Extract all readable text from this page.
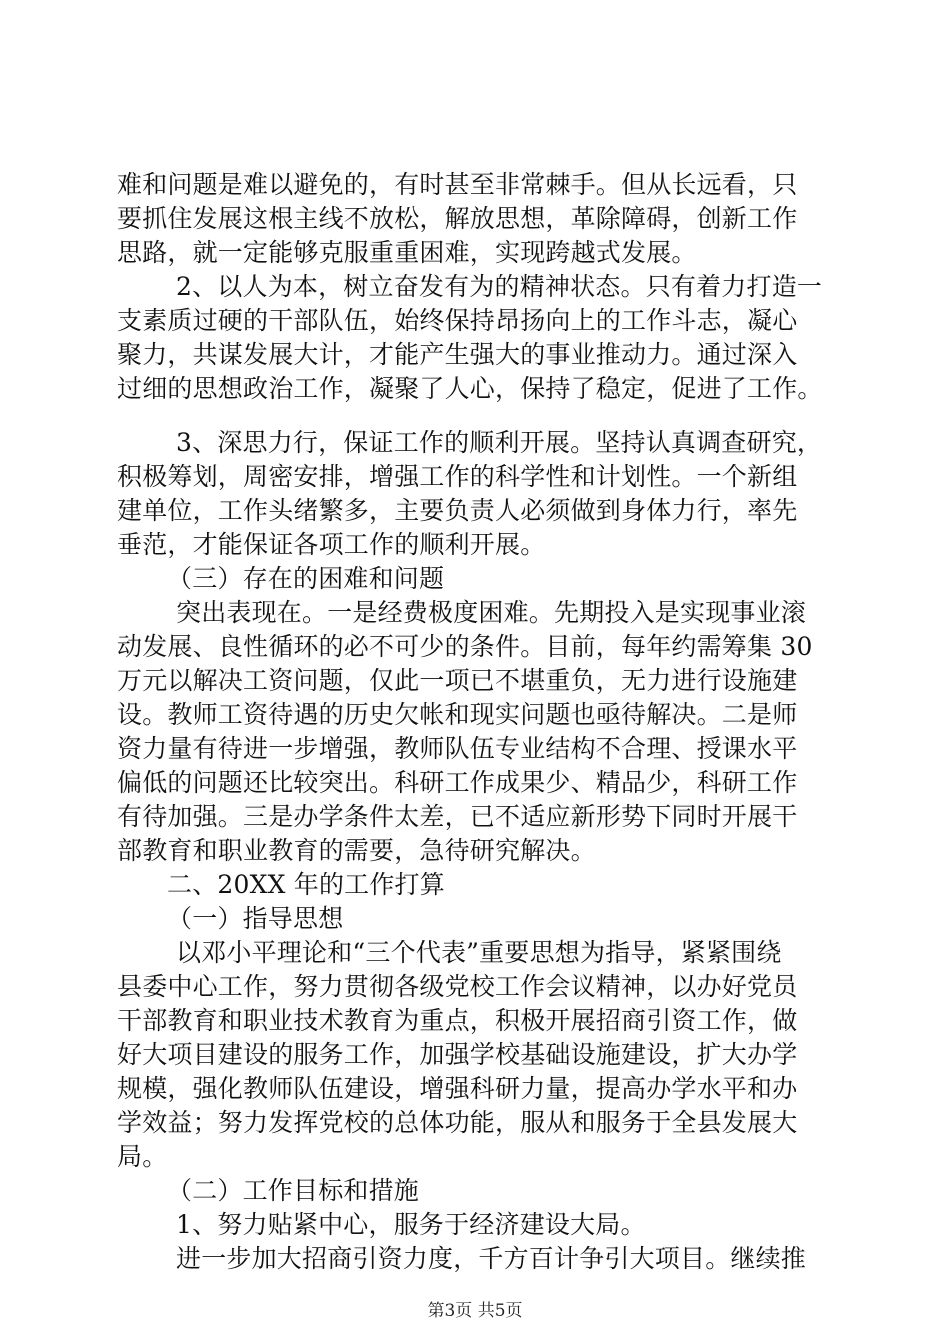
难和问题是难以避免的，有时甚至非常棘手。但从长远看，只
要抓住发展这根主线不放松，解放思想，革除障碍，创新工作
思路，就一定能够克服重重困难，实现跨越式发展。
2、以人为本，树立奋发有为的精神状态。只有着力打造一
支素质过硬的干部队伍，始终保持昂扬向上的工作斗志，凝心
聚力，共谋发展大计，才能产生强大的事业推动力。通过深入
过细的思想政治工作，凝聚了人心，保持了稳定，促进了工作。
3、深思力行，保证工作的顺利开展。坚持认真调查研究，
积极筹划，周密安排，增强工作的科学性和计划性。一个新组
建单位，工作头绪繁多，主要负责人必须做到身体力行，率先
垂范，才能保证各项工作的顺利开展。
（三）存在的困难和问题
突出表现在。一是经费极度困难。先期投入是实现事业滚
动发展、良性循环的必不可少的条件。目前，每年约需筹集 30
万元以解决工资问题，仅此一项已不堪重负，无力进行设施建
设。教师工资待遇的历史欠帐和现实问题也亟待解决。二是师
资力量有待进一步增强，教师队伍专业结构不合理、授课水平
偏低的问题还比较突出。科研工作成果少、精品少，科研工作
有待加强。三是办学条件太差，已不适应新形势下同时开展干
部教育和职业教育的需要，急待研究解决。
二、20XX 年的工作打算
（一）指导思想
以邓小平理论和“三个代表”重要思想为指导，紧紧围绕
县委中心工作，努力贯彻各级党校工作会议精神，以办好党员
干部教育和职业技术教育为重点，积极开展招商引资工作，做
好大项目建设的服务工作，加强学校基础设施建设，扩大办学
规模，强化教师队伍建设，增强科研力量，提高办学水平和办
学效益；努力发挥党校的总体功能，服从和服务于全县发展大
局。
（二）工作目标和措施
1、努力贴紧中心，服务于经济建设大局。
进一步加大招商引资力度，千方百计争引大项目。继续推
第3页 共5页
